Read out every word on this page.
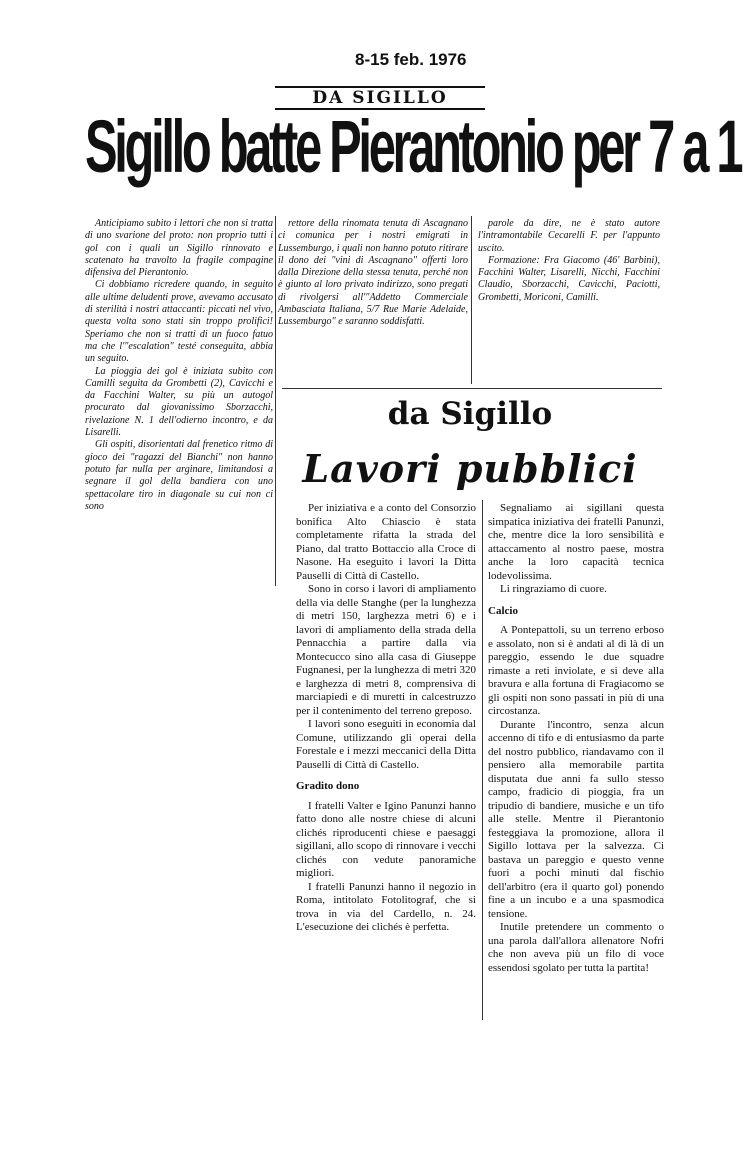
8-15 feb. 1976
DA SIGILLO
Sigillo batte Pierantonio per 7 a 1

Anticipiamo subito i lettori che non si tratta di uno svarione del proto: non proprio tutti i gol con i quali un Sigillo rinnovato e scatenato ha travolto la fragile compagine difensiva del Pierantonio.

Ci dobbiamo ricredere quando, in seguito alle ultime deludenti prove, avevamo accusato di sterilità i nostri attaccanti: piccati nel vivo, questa volta sono stati sin troppo prolifici! Speriamo che non si tratti di un fuoco fatuo ma che l'"escalation" testé conseguita, abbia un seguito.

La pioggia dei gol è iniziata subito con Camilli seguita da Grombetti (2), Cavicchi e da Facchini Walter, su più un autogol procurato dal giovanissimo Sborzacchi, rivelazione N. 1 dell'odierno incontro, e da Lisarelli.

Gli ospiti, disorientati dal frenetico ritmo di gioco dei "ragazzi del Bianchi" non hanno potuto far nulla per arginare, limitandosi a segnare il gol della bandiera con uno spettacolare tiro in diagonale su cui non ci sono

rettore della rinomata tenuta di Ascagnano ci comunica per i nostri emigrati in Lussemburgo, i quali non hanno potuto ritirare il dono dei "vini di Ascagnano" offerti loro dalla Direzione della stessa tenuta, perché non è giunto al loro privato indirizzo, sono pregati di rivolgersi all'"Addetto Commerciale Ambasciata Italiana, 5/7 Rue Marie Adelaide, Lussemburgo" e saranno soddisfatti.

parole da dire, ne è stato autore l'intramontabile Cecarelli F. per l'appunto uscito.

Formazione: Fra Giacomo (46' Barbini), Facchini Walter, Lisarelli, Nicchi, Facchini Claudio, Sborzacchi, Cavicchi, Paciotti, Grombetti, Moriconi, Camilli.

da Sigillo
Lavori pubblici

Per iniziativa e a conto del Consorzio bonifica Alto Chiascio è stata completamente rifatta la strada del Piano, dal tratto Bottaccio alla Croce di Nasone. Ha eseguito i lavori la Ditta Pauselli di Città di Castello.

Sono in corso i lavori di ampliamento della via delle Stanghe (per la lunghezza di metri 150, larghezza metri 6) e i lavori di ampliamento della strada della Pennacchia a partire dalla via Montecucco sino alla casa di Giuseppe Fugnanesi, per la lunghezza di metri 320 e larghezza di metri 8, comprensiva di marciapiedi e di muretti in calcestruzzo per il contenimento del terreno greposo.

I lavori sono eseguiti in economia dal Comune, utilizzando gli operai della Forestale e i mezzi meccanici della Ditta Pauselli di Città di Castello.

Gradito dono

I fratelli Valter e Igino Panunzi hanno fatto dono alle nostre chiese di alcuni clichés riproducenti chiese e paesaggi sigillani, allo scopo di rinnovare i vecchi clichés con vedute panoramiche migliori.

I fratelli Panunzi hanno il negozio in Roma, intitolato Fotolitograf, che si trova in via del Cardello, n. 24. L'esecuzione dei clichés è perfetta.

Segnaliamo ai sigillani questa simpatica iniziativa dei fratelli Panunzi, che, mentre dice la loro sensibilità e attaccamento al nostro paese, mostra anche la loro capacità tecnica lodevolissima.

Li ringraziamo di cuore.

Calcio

A Pontepattoli, su un terreno erboso e assolato, non si è andati al di là di un pareggio, essendo le due squadre rimaste a reti inviolate, e si deve alla bravura e alla fortuna di Fragiacomo se gli ospiti non sono passati in più di una circostanza.

Durante l'incontro, senza alcun accenno di tifo e di entusiasmo da parte del nostro pubblico, riandavamo con il pensiero alla memorabile partita disputata due anni fa sullo stesso campo, fradicio di pioggia, fra un tripudio di bandiere, musiche e un tifo alle stelle. Mentre il Pierantonio festeggiava la promozione, allora il Sigillo lottava per la salvezza. Ci bastava un pareggio e questo venne fuori a pochi minuti dal fischio dell'arbitro (era il quarto gol) ponendo fine a un incubo e a una spasmodica tensione.

Inutile pretendere un commento o una parola dall'allora allenatore Nofri che non aveva più un filo di voce essendosi sgolato per tutta la partita!
